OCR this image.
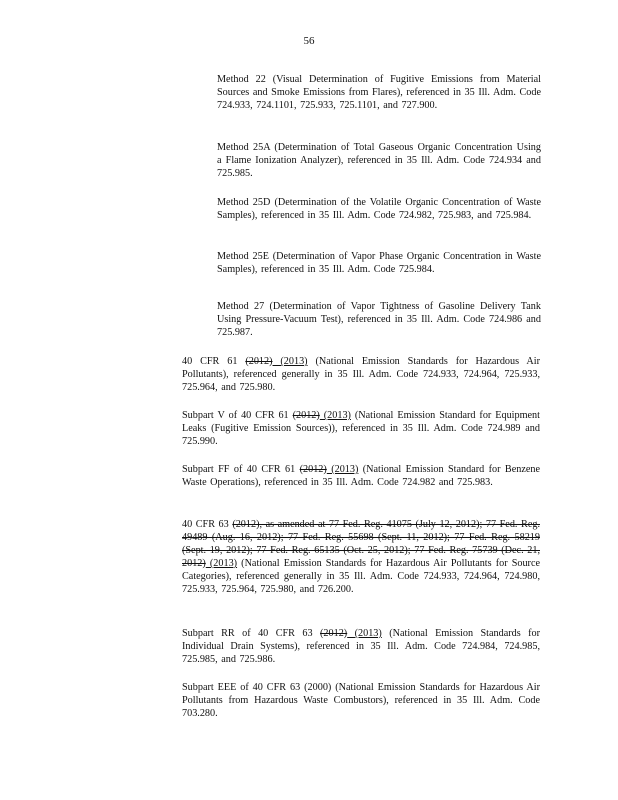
56
Method 22 (Visual Determination of Fugitive Emissions from Material Sources and Smoke Emissions from Flares), referenced in 35 Ill. Adm. Code 724.933, 724.1101, 725.933, 725.1101, and 727.900.
Method 25A (Determination of Total Gaseous Organic Concentration Using a Flame Ionization Analyzer), referenced in 35 Ill. Adm. Code 724.934 and 725.985.
Method 25D (Determination of the Volatile Organic Concentration of Waste Samples), referenced in 35 Ill. Adm. Code 724.982, 725.983, and 725.984.
Method 25E (Determination of Vapor Phase Organic Concentration in Waste Samples), referenced in 35 Ill. Adm. Code 725.984.
Method 27 (Determination of Vapor Tightness of Gasoline Delivery Tank Using Pressure-Vacuum Test), referenced in 35 Ill. Adm. Code 724.986 and 725.987.
40 CFR 61 (2012) (2013) (National Emission Standards for Hazardous Air Pollutants), referenced generally in 35 Ill. Adm. Code 724.933, 724.964, 725.933, 725.964, and 725.980.
Subpart V of 40 CFR 61 (2012) (2013) (National Emission Standard for Equipment Leaks (Fugitive Emission Sources)), referenced in 35 Ill. Adm. Code 724.989 and 725.990.
Subpart FF of 40 CFR 61 (2012) (2013) (National Emission Standard for Benzene Waste Operations), referenced in 35 Ill. Adm. Code 724.982 and 725.983.
40 CFR 63 (2012), as amended at 77 Fed. Reg. 41075 (July 12, 2012); 77 Fed. Reg. 49489 (Aug. 16, 2012); 77 Fed. Reg. 55698 (Sept. 11, 2012); 77 Fed. Reg. 58219 (Sept. 19, 2012); 77 Fed. Reg. 65135 (Oct. 25, 2012); 77 Fed. Reg. 75739 (Dec. 21, 2012) (2013) (National Emission Standards for Hazardous Air Pollutants for Source Categories), referenced generally in 35 Ill. Adm. Code 724.933, 724.964, 724.980, 725.933, 725.964, 725.980, and 726.200.
Subpart RR of 40 CFR 63 (2012) (2013) (National Emission Standards for Individual Drain Systems), referenced in 35 Ill. Adm. Code 724.984, 724.985, 725.985, and 725.986.
Subpart EEE of 40 CFR 63 (2000) (National Emission Standards for Hazardous Air Pollutants from Hazardous Waste Combustors), referenced in 35 Ill. Adm. Code 703.280.
